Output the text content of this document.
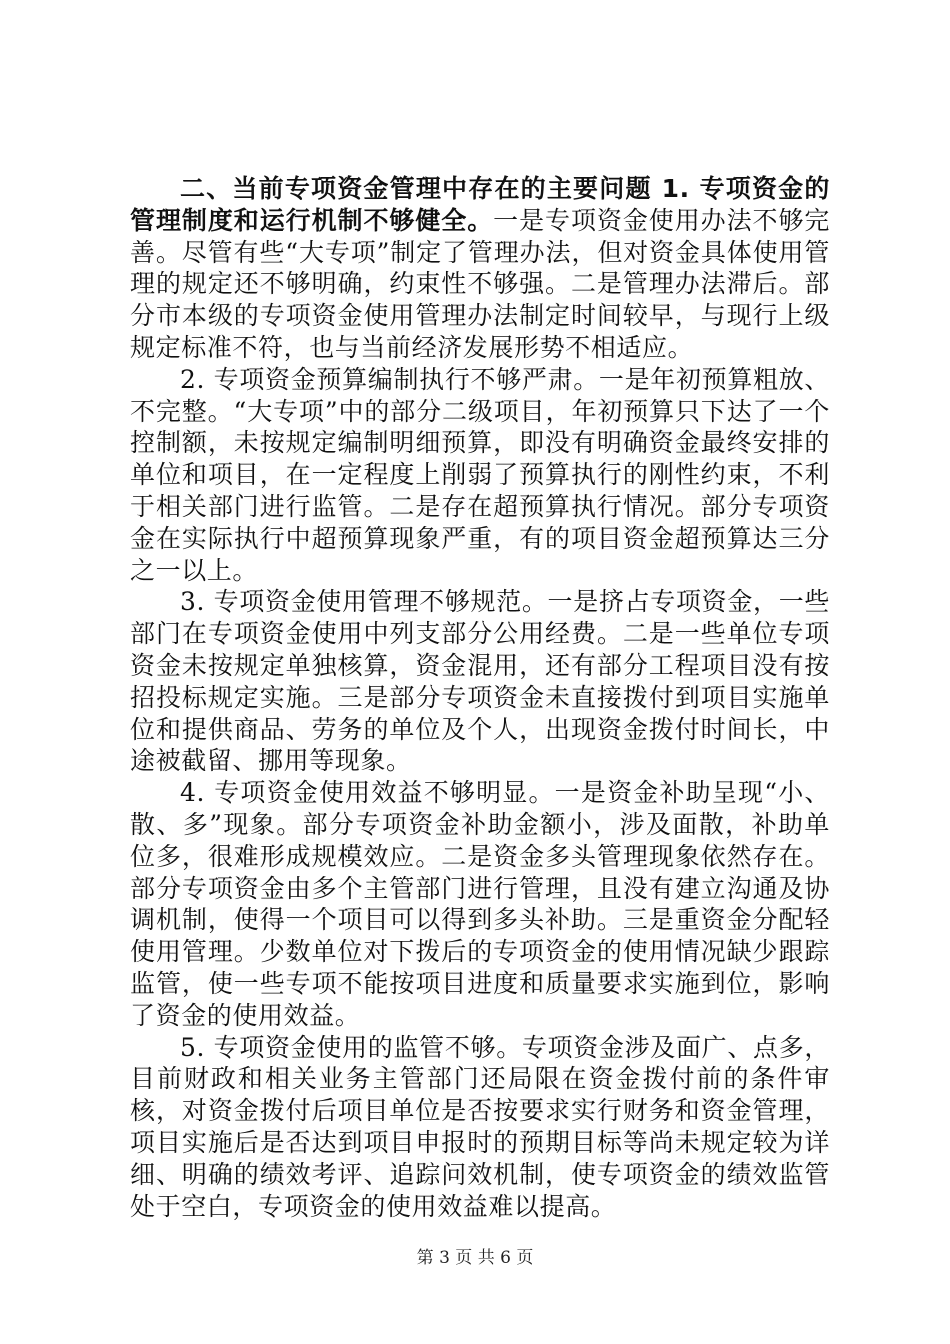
二、当前专项资金管理中存在的主要问题 1. 专项资金的管理制度和运行机制不够健全。一是专项资金使用办法不够完善。尽管有些“大专项”制定了管理办法，但对资金具体使用管理的规定还不够明确，约束性不够强。二是管理办法滞后。部分市本级的专项资金使用管理办法制定时间较早，与现行上级规定标准不符，也与当前经济发展形势不相适应。

2. 专项资金预算编制执行不够严肃。一是年初预算粗放、不完整。“大专项”中的部分二级项目，年初预算只下达了一个控制额，未按规定编制明细预算，即没有明确资金最终安排的单位和项目，在一定程度上削弱了预算执行的刚性约束，不利于相关部门进行监管。二是存在超预算执行情况。部分专项资金在实际执行中超预算现象严重，有的项目资金超预算达三分之一以上。

3. 专项资金使用管理不够规范。一是挤占专项资金，一些部门在专项资金使用中列支部分公用经费。二是一些单位专项资金未按规定单独核算，资金混用，还有部分工程项目没有按招投标规定实施。三是部分专项资金未直接拨付到项目实施单位和提供商品、劳务的单位及个人，出现资金拨付时间长，中途被截留、挪用等现象。

4. 专项资金使用效益不够明显。一是资金补助呈现“小、散、多”现象。部分专项资金补助金额小，涉及面散，补助单位多，很难形成规模效应。二是资金多头管理现象依然存在。部分专项资金由多个主管部门进行管理，且没有建立沟通及协调机制，使得一个项目可以得到多头补助。三是重资金分配轻使用管理。少数单位对下拨后的专项资金的使用情况缺少跟踪监管，使一些专项不能按项目进度和质量要求实施到位，影响了资金的使用效益。

5. 专项资金使用的监管不够。专项资金涉及面广、点多，目前财政和相关业务主管部门还局限在资金拨付前的条件审核，对资金拨付后项目单位是否按要求实行财务和资金管理，项目实施后是否达到项目申报时的预期目标等尚未规定较为详细、明确的绩效考评、追踪问效机制，使专项资金的绩效监管处于空白，专项资金的使用效益难以提高。

第 3 页 共 6 页
